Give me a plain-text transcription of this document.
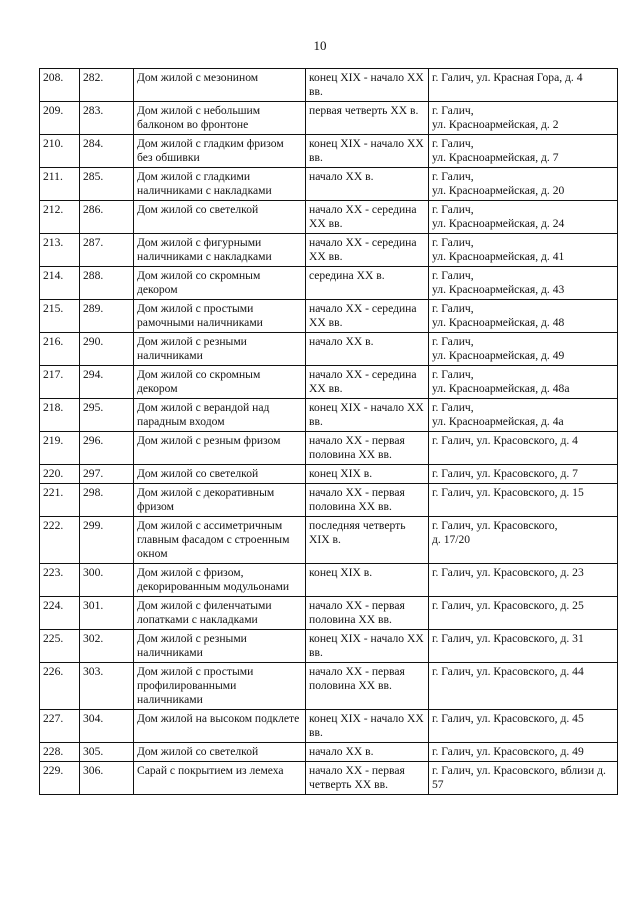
10
208.	282.	Дом жилой с мезонином	конец XIX - начало XX вв.	г. Галич, ул. Красная Гора, д. 4
209.	283.	Дом жилой с небольшим балконом во фронтоне	первая четверть XX в.	г. Галич,
ул. Красноармейская, д. 2
210.	284.	Дом жилой с гладким фризом без обшивки	конец XIX - начало XX вв.	г. Галич,
ул. Красноармейская, д. 7
211.	285.	Дом жилой с гладкими наличниками с накладками	начало XX в.	г. Галич,
ул. Красноармейская, д. 20
212.	286.	Дом жилой со светелкой	начало XX - середина XX вв.	г. Галич,
ул. Красноармейская, д. 24
213.	287.	Дом жилой с фигурными наличниками с накладками	начало XX - середина XX вв.	г. Галич,
ул. Красноармейская, д. 41
214.	288.	Дом жилой со скромным декором	середина XX в.	г. Галич,
ул. Красноармейская, д. 43
215.	289.	Дом жилой с простыми рамочными наличниками	начало XX - середина XX вв.	г. Галич,
ул. Красноармейская, д. 48
216.	290.	Дом жилой с резными наличниками	начало XX в.	г. Галич,
ул. Красноармейская, д. 49
217.	294.	Дом жилой со скромным декором	начало XX - середина XX вв.	г. Галич,
ул. Красноармейская, д. 48а
218.	295.	Дом жилой с верандой над парадным входом	конец XIX - начало XX вв.	г. Галич,
ул. Красноармейская, д. 4а
219.	296.	Дом жилой с резным фризом	начало XX - первая половина XX вв.	г. Галич, ул. Красовского, д. 4
220.	297.	Дом жилой со светелкой	конец XIX в.	г. Галич, ул. Красовского, д. 7
221.	298.	Дом жилой с декоративным фризом	начало XX - первая половина XX вв.	г. Галич, ул. Красовского, д. 15
222.	299.	Дом жилой с ассиметричным главным фасадом с строенным окном	последняя четверть XIX в.	г. Галич, ул. Красовского,
д. 17/20
223.	300.	Дом жилой с фризом, декорированным модульонами	конец XIX в.	г. Галич, ул. Красовского, д. 23
224.	301.	Дом жилой с филенчатыми лопатками с накладками	начало XX - первая половина XX вв.	г. Галич, ул. Красовского, д. 25
225.	302.	Дом жилой с резными наличниками	конец XIX - начало XX вв.	г. Галич, ул. Красовского, д. 31
226.	303.	Дом жилой с простыми профилированными наличниками	начало XX - первая половина XX вв.	г. Галич, ул. Красовского, д. 44
227.	304.	Дом жилой на высоком подклете	конец XIX - начало XX вв.	г. Галич, ул. Красовского, д. 45
228.	305.	Дом жилой со светелкой	начало XX в.	г. Галич, ул. Красовского, д. 49
229.	306.	Сарай с покрытием из лемеха	начало XX - первая четверть XX вв.	г. Галич, ул. Красовского, вблизи д. 57
